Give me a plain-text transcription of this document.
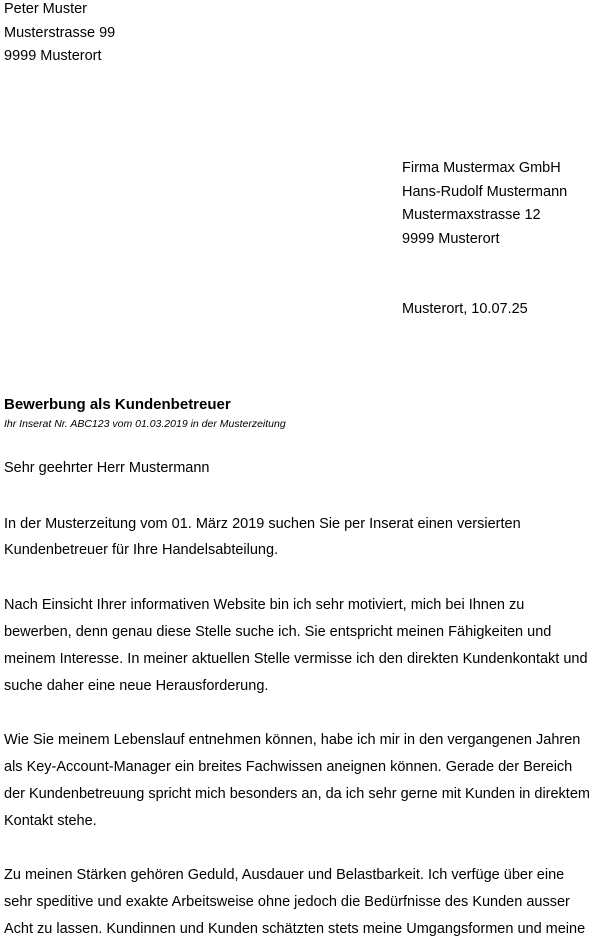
Peter Muster
Musterstrasse 99
9999 Musterort
Firma Mustermax GmbH
Hans-Rudolf Mustermann
Mustermaxstrasse 12
9999 Musterort
Musterort, 10.07.25
Bewerbung als Kundenbetreuer
Ihr Inserat Nr. ABC123 vom 01.03.2019 in der Musterzeitung
Sehr geehrter Herr Mustermann
In der Musterzeitung vom 01. März 2019 suchen Sie per Inserat einen versierten
Kundenbetreuer für Ihre Handelsabteilung.
Nach Einsicht Ihrer informativen Website bin ich sehr motiviert, mich bei Ihnen zu
bewerben, denn genau diese Stelle suche ich. Sie entspricht meinen Fähigkeiten und
meinem Interesse. In meiner aktuellen Stelle vermisse ich den direkten Kundenkontakt und
suche daher eine neue Herausforderung.
Wie Sie meinem Lebenslauf entnehmen können, habe ich mir in den vergangenen Jahren
als Key-Account-Manager ein breites Fachwissen aneignen können. Gerade der Bereich
der Kundenbetreuung spricht mich besonders an, da ich sehr gerne mit Kunden in direktem
Kontakt stehe.
Zu meinen Stärken gehören Geduld, Ausdauer und Belastbarkeit. Ich verfüge über eine
sehr speditive und exakte Arbeitsweise ohne jedoch die Bedürfnisse des Kunden ausser
Acht zu lassen. Kundinnen und Kunden schätzten stets meine Umgangsformen und meine
